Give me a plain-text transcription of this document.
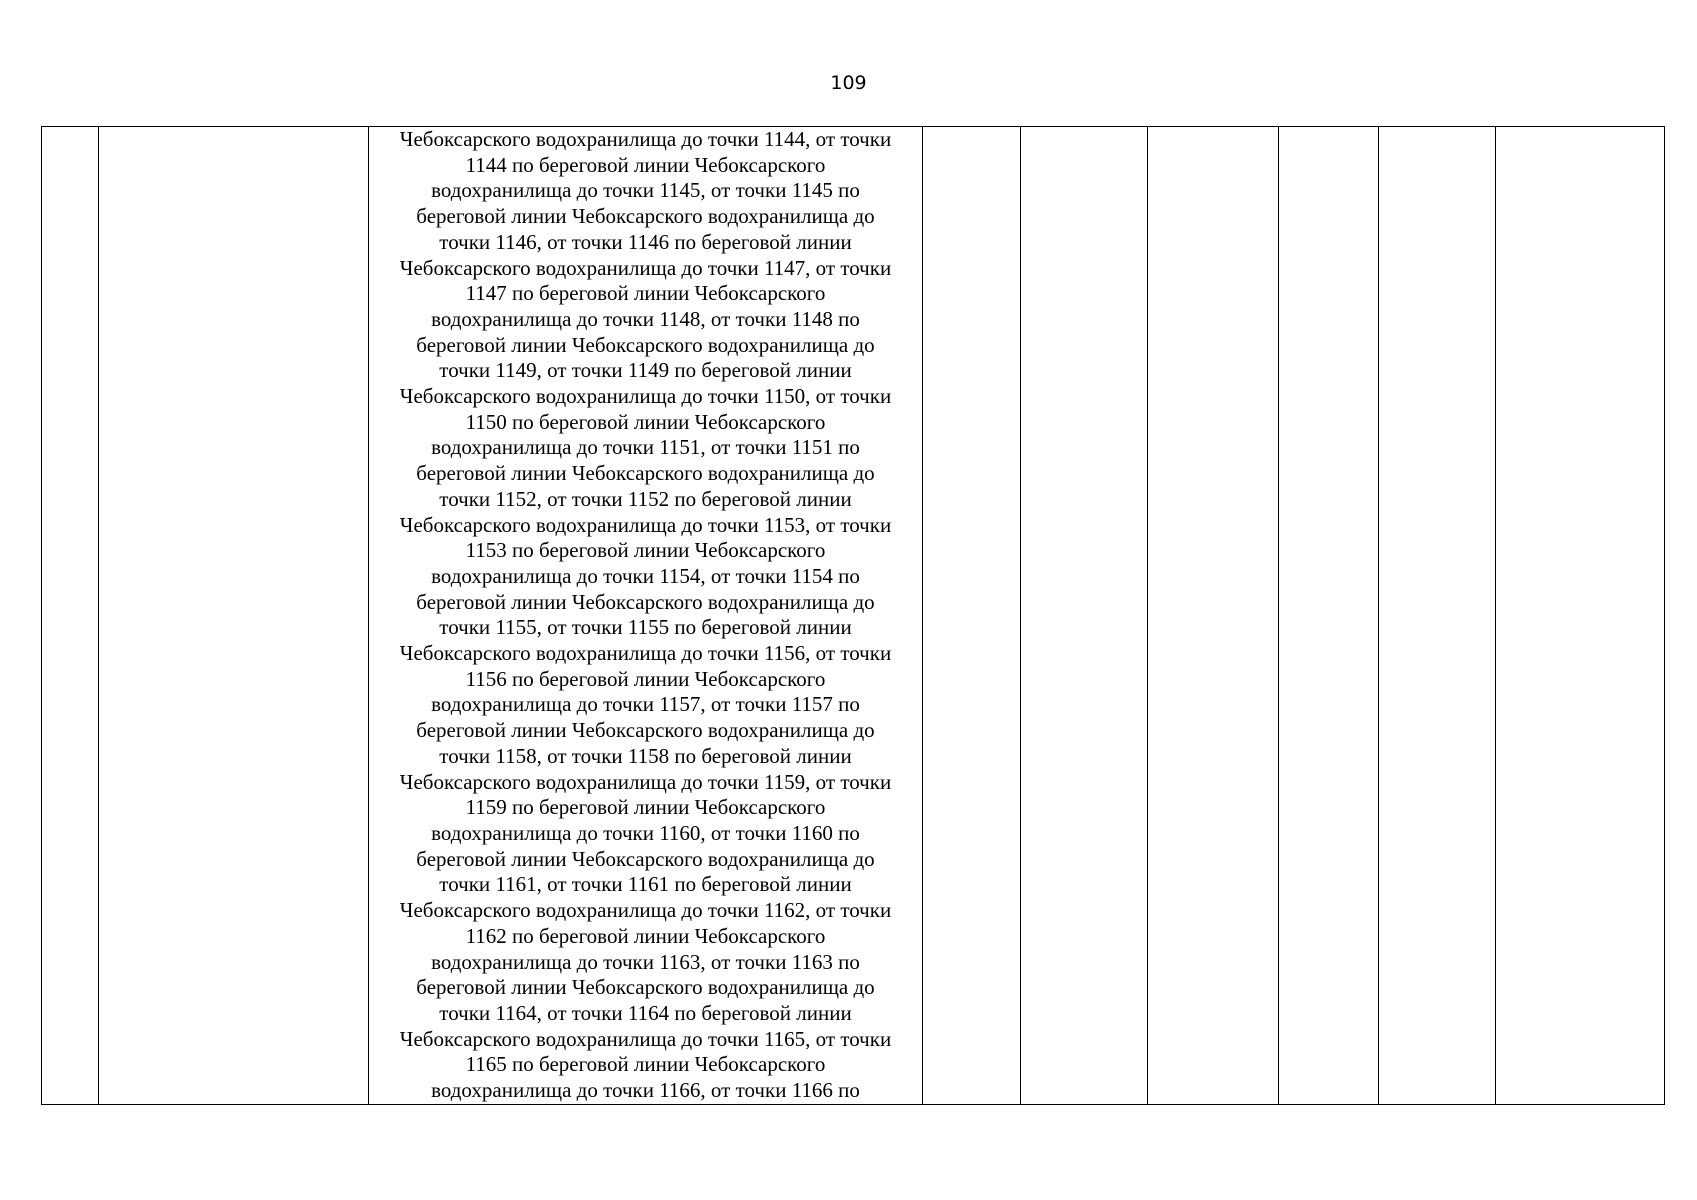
109

Чебоксарского водохранилища до точки 1144, от точки
1144 по береговой линии Чебоксарского
водохранилища до точки 1145, от точки 1145 по
береговой линии Чебоксарского водохранилища до
точки 1146, от точки 1146 по береговой линии
Чебоксарского водохранилища до точки 1147, от точки
1147 по береговой линии Чебоксарского
водохранилища до точки 1148, от точки 1148 по
береговой линии Чебоксарского водохранилища до
точки 1149, от точки 1149 по береговой линии
Чебоксарского водохранилища до точки 1150, от точки
1150 по береговой линии Чебоксарского
водохранилища до точки 1151, от точки 1151 по
береговой линии Чебоксарского водохранилища до
точки 1152, от точки 1152 по береговой линии
Чебоксарского водохранилища до точки 1153, от точки
1153 по береговой линии Чебоксарского
водохранилища до точки 1154, от точки 1154 по
береговой линии Чебоксарского водохранилища до
точки 1155, от точки 1155 по береговой линии
Чебоксарского водохранилища до точки 1156, от точки
1156 по береговой линии Чебоксарского
водохранилища до точки 1157, от точки 1157 по
береговой линии Чебоксарского водохранилища до
точки 1158, от точки 1158 по береговой линии
Чебоксарского водохранилища до точки 1159, от точки
1159 по береговой линии Чебоксарского
водохранилища до точки 1160, от точки 1160 по
береговой линии Чебоксарского водохранилища до
точки 1161, от точки 1161 по береговой линии
Чебоксарского водохранилища до точки 1162, от точки
1162 по береговой линии Чебоксарского
водохранилища до точки 1163, от точки 1163 по
береговой линии Чебоксарского водохранилища до
точки 1164, от точки 1164 по береговой линии
Чебоксарского водохранилища до точки 1165, от точки
1165 по береговой линии Чебоксарского
водохранилища до точки 1166, от точки 1166 по
